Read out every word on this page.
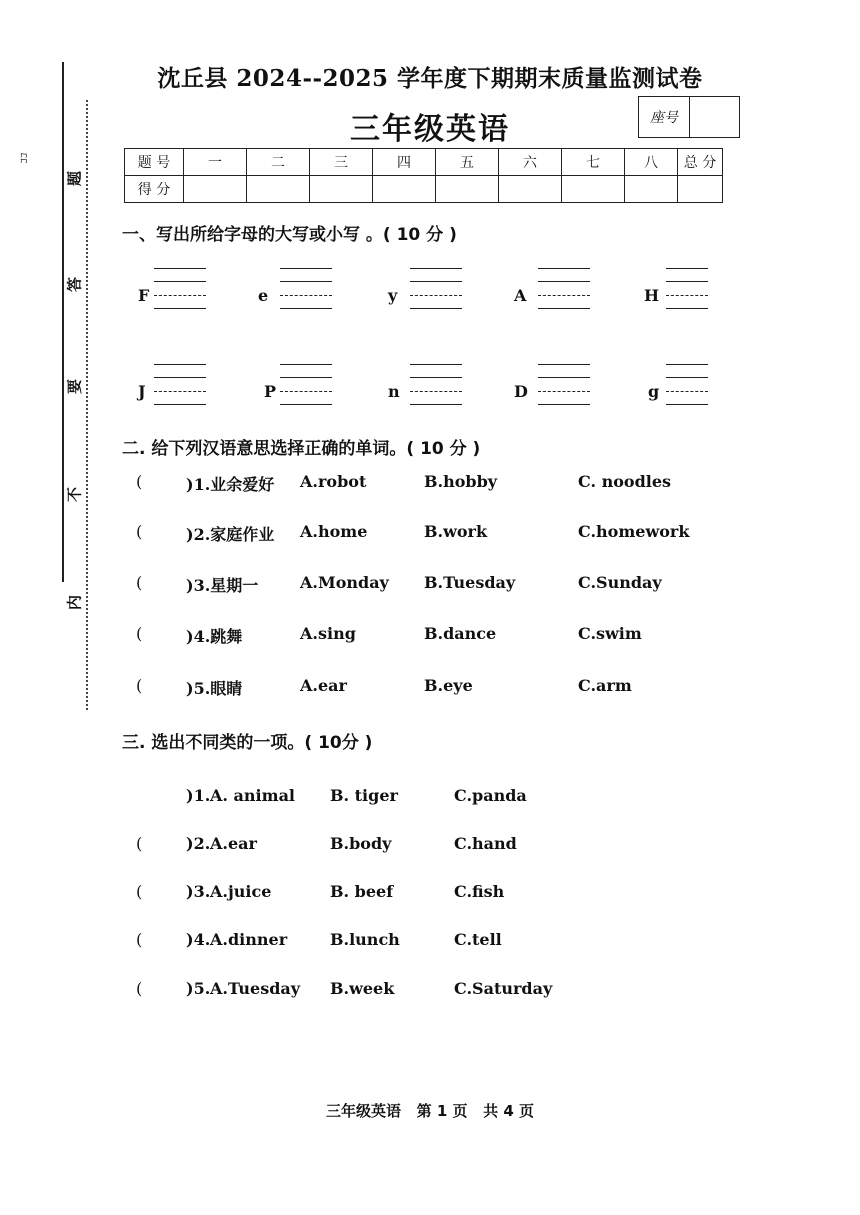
ｺｺ
题
答
要
不
内
沈丘县 2024--2025 学年度下期期末质量监测试卷
三年级英语	座号
题 号	一	二	三	四	五	六	七	八	总 分
得 分									
一、写出所给字母的大写或小写 。( 10 分 )
F	e	y	A	H
J	P	n	D	g
二. 给下列汉语意思选择正确的单词。( 10 分 )
(	)1.业余爱好 A.robot	B.hobby	C. noodles
(	)2.家庭作业 A.home	B.work	C.homework
(	)3.星期一	A.Monday B.Tuesday	C.Sunday
(	)4.跳舞	A.sing	B.dance	C.swim
(	)5.眼睛	A.ear	B.eye	C.arm
三. 选出不同类的一项。( 10分 )
)1. A. animal B. tiger	C.panda
(	)2. A.ear	B.body	C.hand
(	)3. A.juice	B. beef	C.fish
(	)4. A.dinner	B.lunch	C.tell
(	)5. A.Tuesday B.week	C.Saturday
三年级英语   第 1 页   共 4 页
